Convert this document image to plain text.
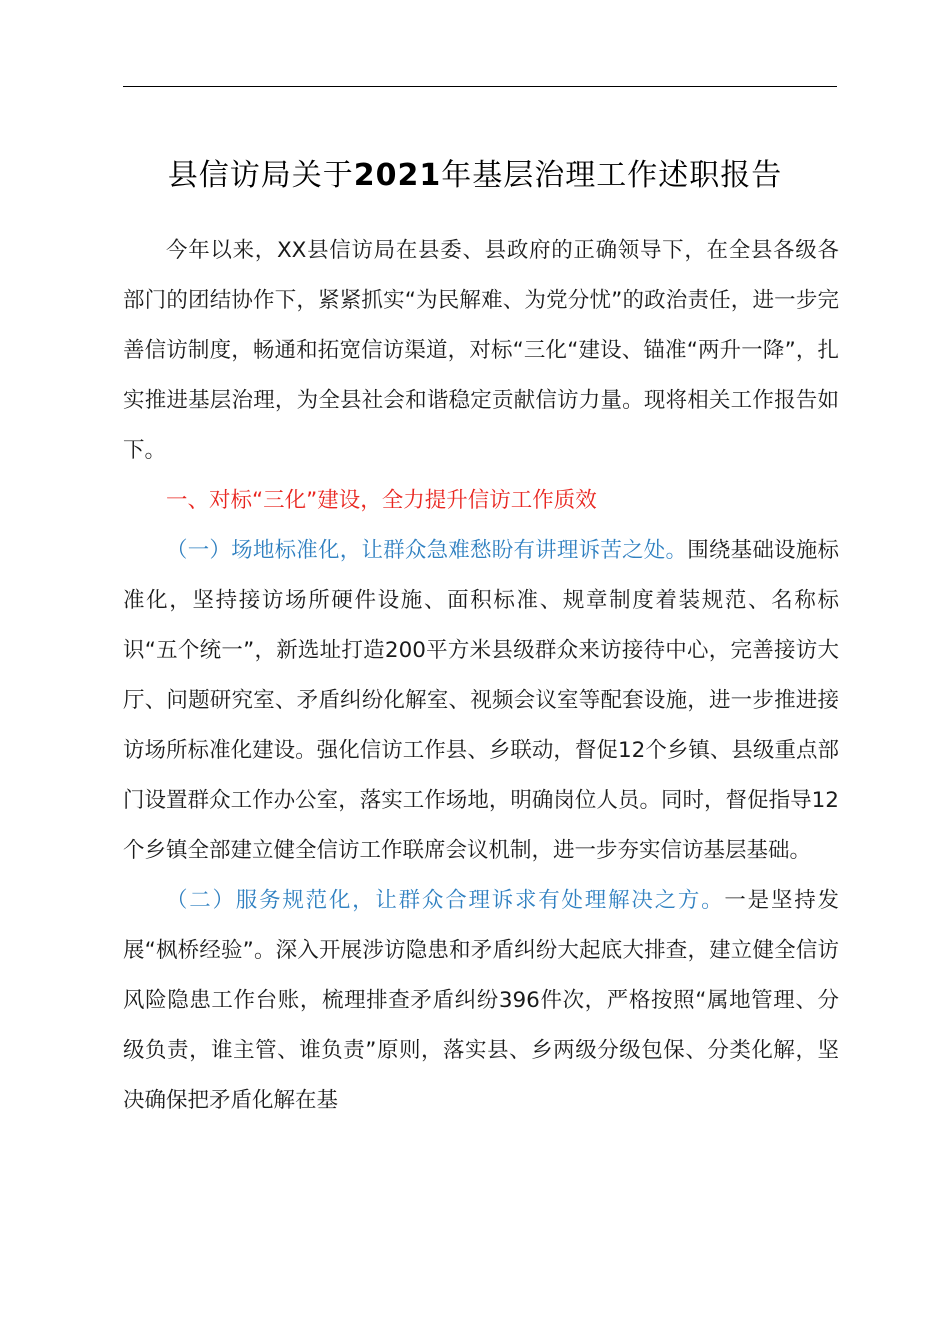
县信访局关于2021年基层治理工作述职报告

今年以来，XX县信访局在县委、县政府的正确领导下，在全县各级各部门的团结协作下，紧紧抓实“为民解难、为党分忧”的政治责任，进一步完善信访制度，畅通和拓宽信访渠道，对标“三化“建设、锚准“两升一降”，扎实推进基层治理，为全县社会和谐稳定贡献信访力量。现将相关工作报告如下。

一、对标“三化”建设，全力提升信访工作质效

（一）场地标准化，让群众急难愁盼有讲理诉苦之处。围绕基础设施标准化，坚持接访场所硬件设施、面积标准、规章制度着装规范、名称标识“五个统一”，新选址打造200平方米县级群众来访接待中心，完善接访大厅、问题研究室、矛盾纠纷化解室、视频会议室等配套设施，进一步推进接访场所标准化建设。强化信访工作县、乡联动，督促12个乡镇、县级重点部门设置群众工作办公室，落实工作场地，明确岗位人员。同时，督促指导12个乡镇全部建立健全信访工作联席会议机制，进一步夯实信访基层基础。

（二）服务规范化，让群众合理诉求有处理解决之方。一是坚持发展“枫桥经验”。深入开展涉访隐患和矛盾纠纷大起底大排查，建立健全信访风险隐患工作台账，梳理排查矛盾纠纷396件次，严格按照“属地管理、分级负责，谁主管、谁负责”原则，落实县、乡两级分级包保、分类化解，坚决确保把矛盾化解在基
